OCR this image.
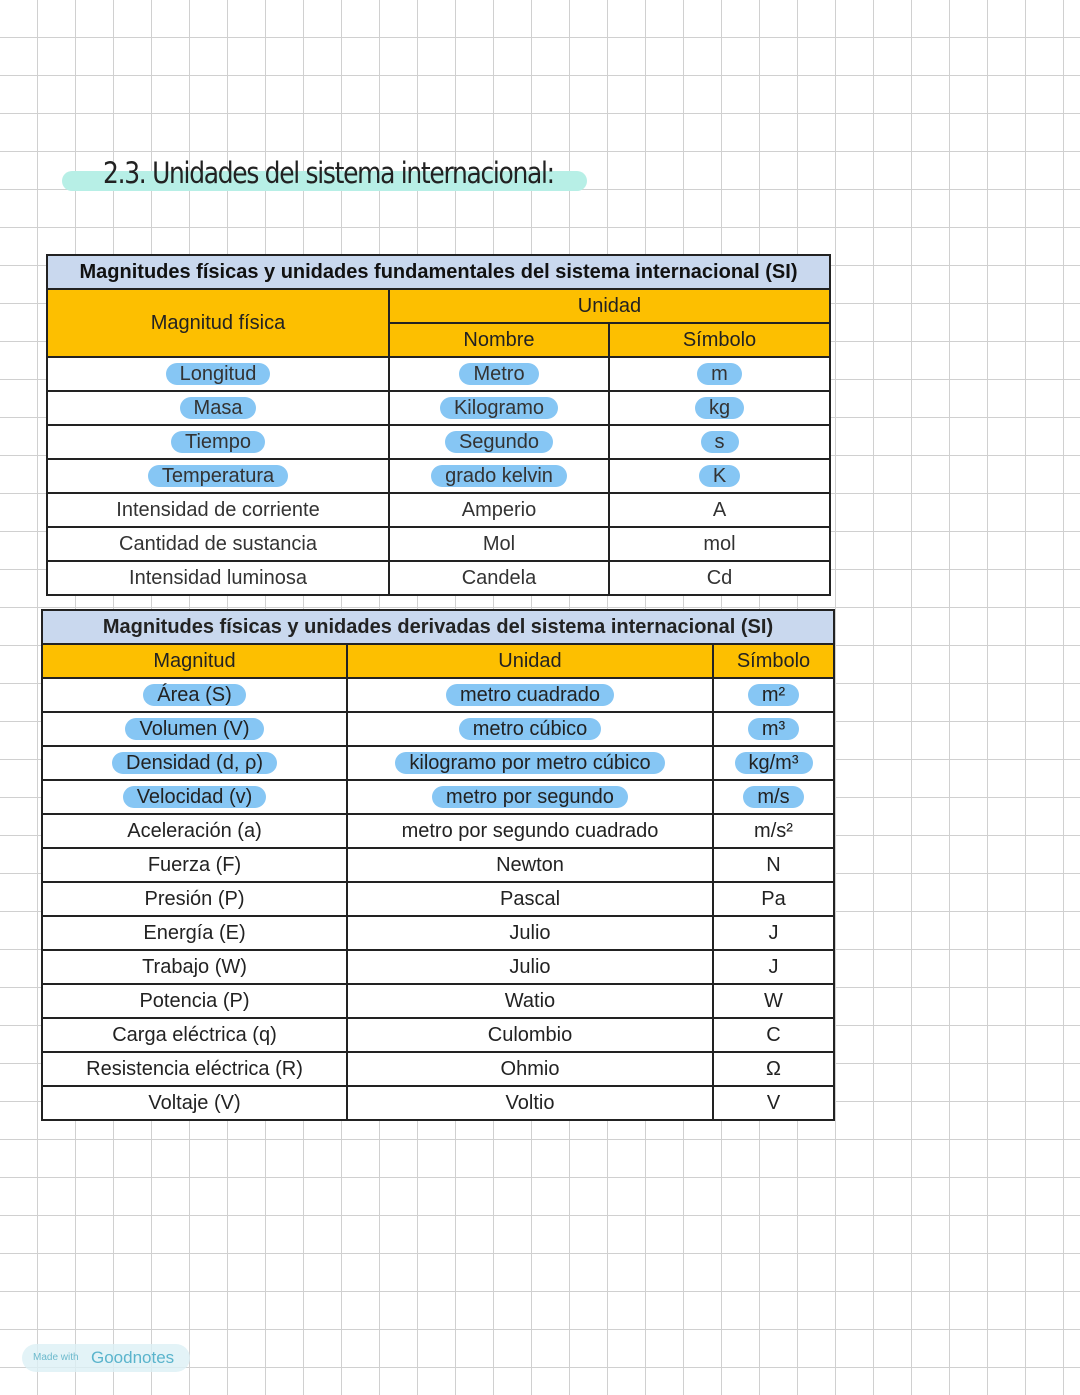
2.3. Unidades del sistema internacional:
Magnitudes físicas y unidades fundamentales del sistema internacional (SI)		
Magnitud física	Unidad	
	Nombre	Símbolo
Longitud	Metro	m
Masa	Kilogramo	kg
Tiempo	Segundo	s
Temperatura	grado kelvin	K
Intensidad de corriente	Amperio	A
Cantidad de sustancia	Mol	mol
Intensidad luminosa	Candela	Cd
Magnitudes físicas y unidades derivadas del sistema internacional (SI)		
Magnitud	Unidad	Símbolo
Área (S)	metro cuadrado	m²
Volumen (V)	metro cúbico	m³
Densidad (d, ρ)	kilogramo por metro cúbico	kg/m³
Velocidad (v)	metro por segundo	m/s
Aceleración (a)	metro por segundo cuadrado	m/s²
Fuerza (F)	Newton	N
Presión (P)	Pascal	Pa
Energía (E)	Julio	J
Trabajo (W)	Julio	J
Potencia (P)	Watio	W
Carga eléctrica (q)	Culombio	C
Resistencia eléctrica (R)	Ohmio	Ω
Voltaje (V)	Voltio	V
Made with Goodnotes
